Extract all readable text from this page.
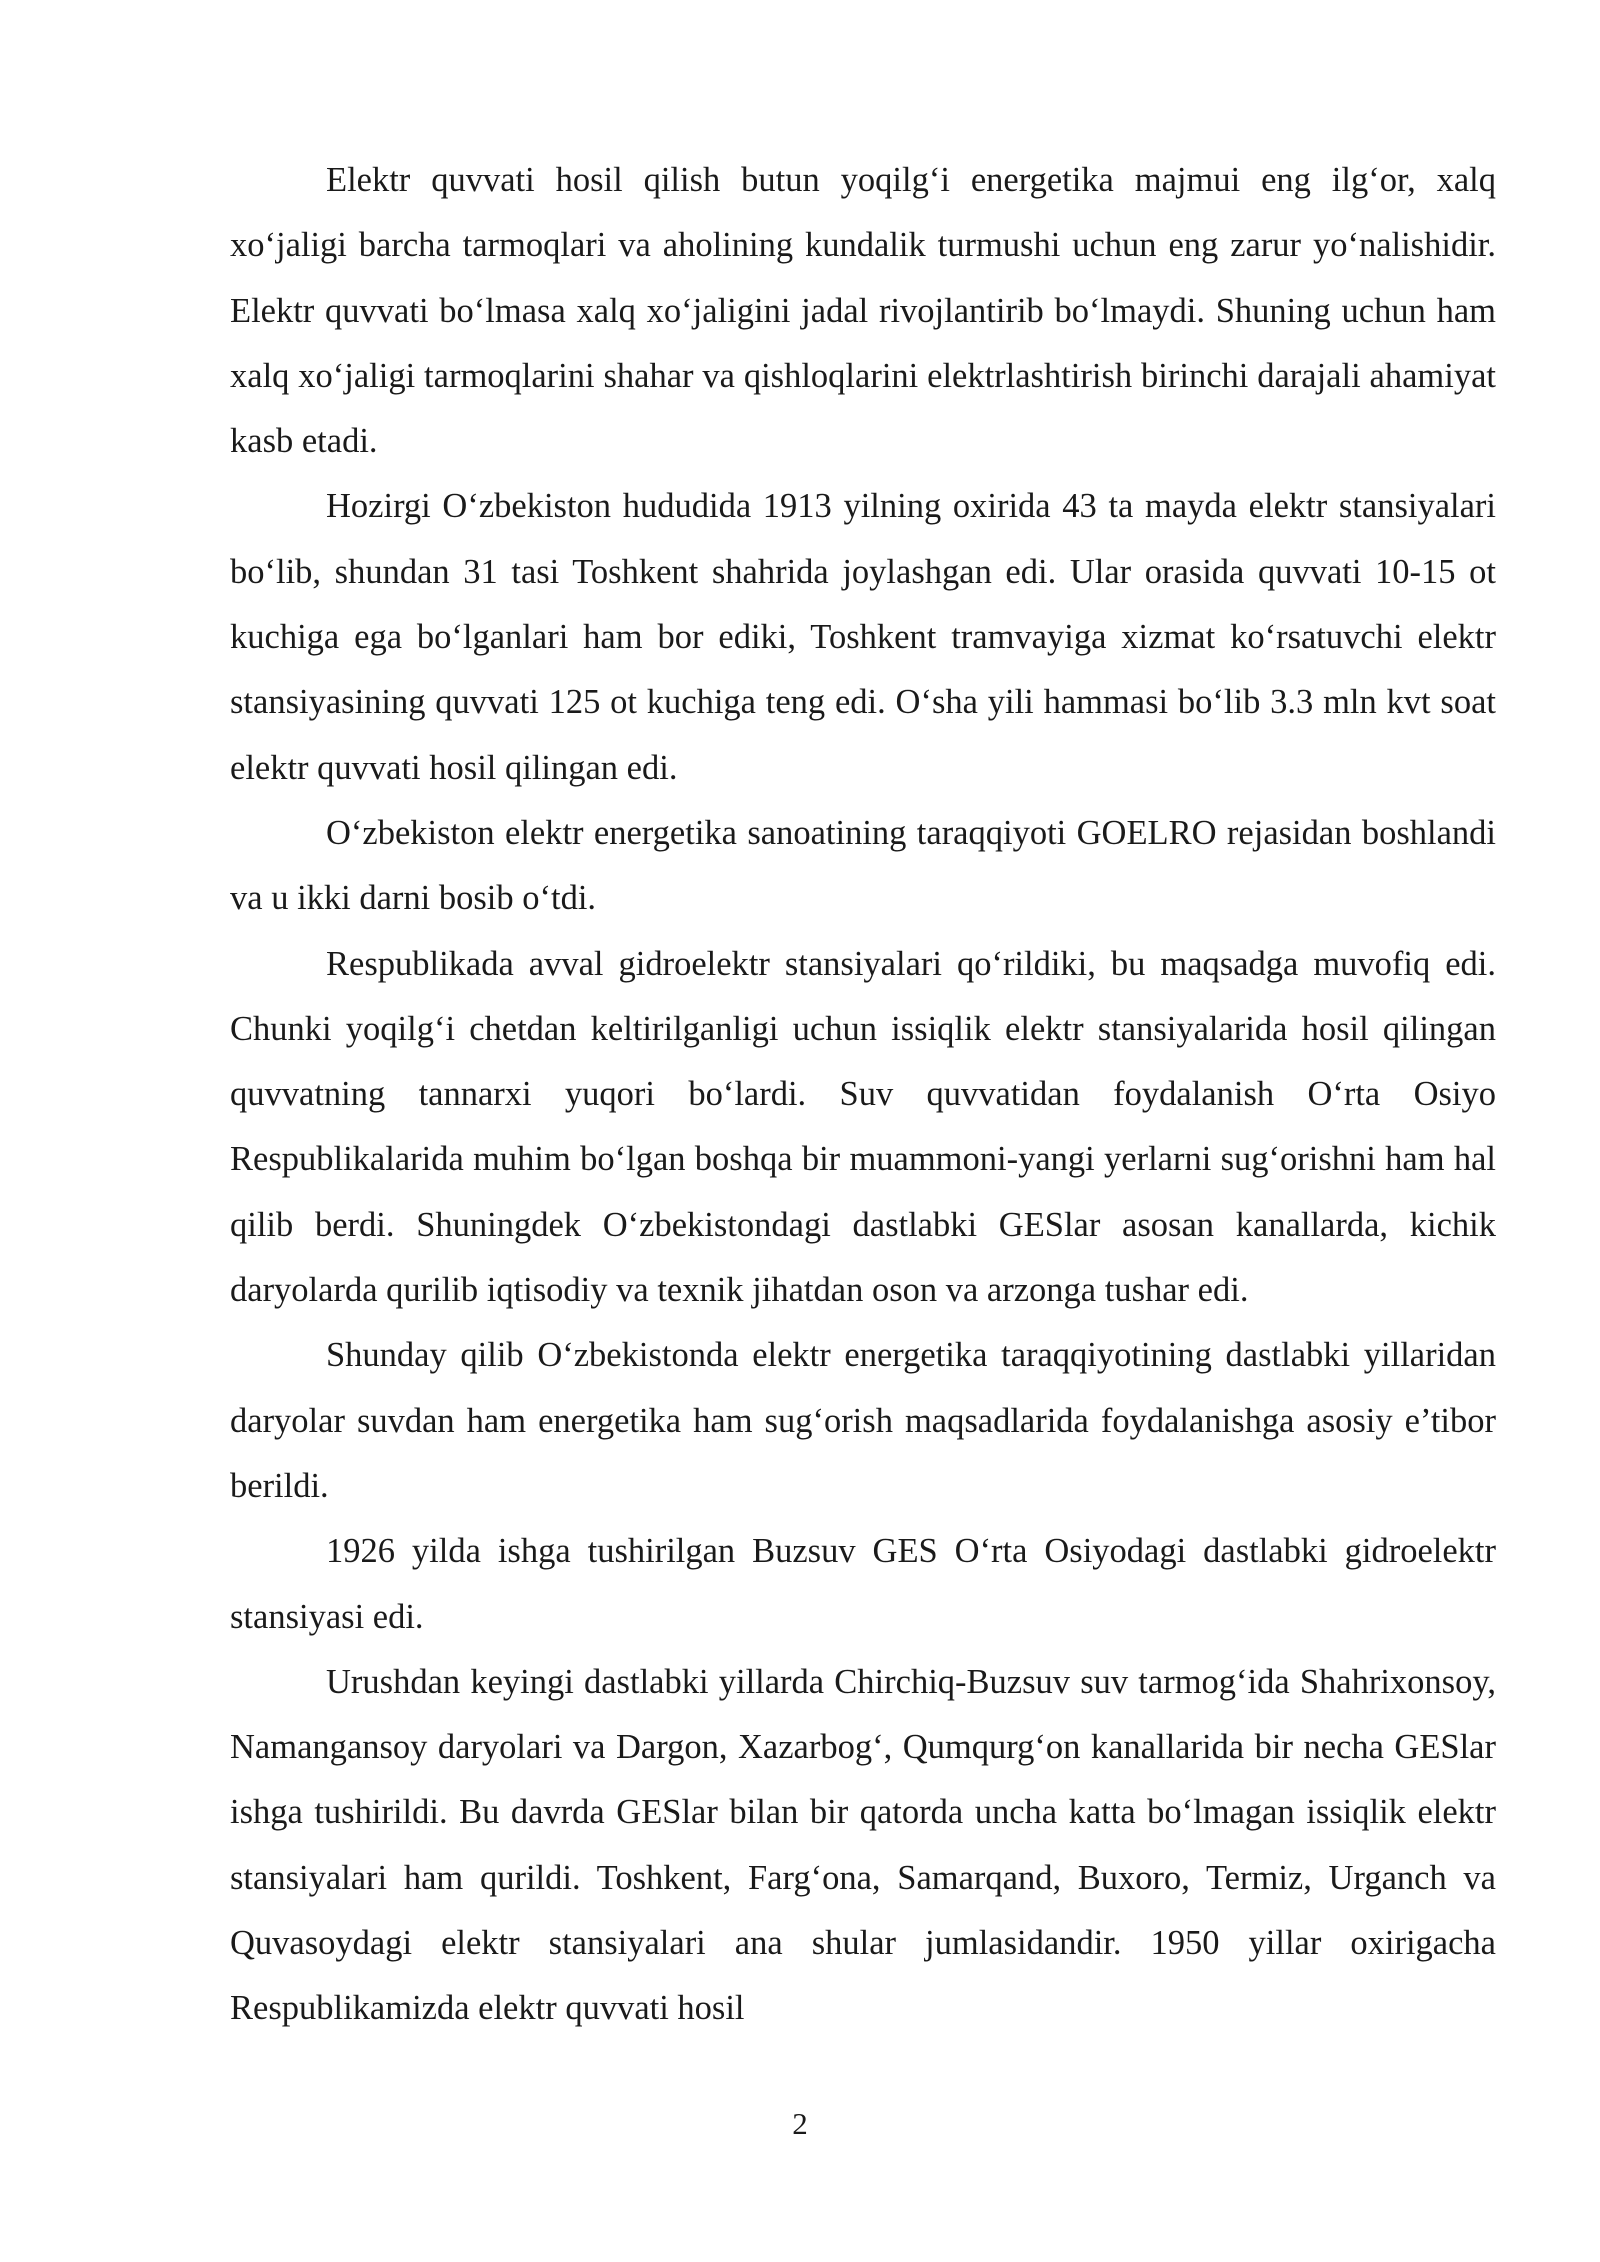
Elektr quvvati hosil qilish butun yoqilg‘i energetika majmui eng ilg‘or, xalq xo‘jaligi barcha tarmoqlari va aholining kundalik turmushi uchun eng zarur yo‘nalishidir. Elektr quvvati bo‘lmasa xalq xo‘jaligini jadal rivojlantirib bo‘lmaydi. Shuning uchun ham xalq xo‘jaligi tarmoqlarini shahar va qishloqlarini elektrlashtirish birinchi darajali ahamiyat kasb etadi.

Hozirgi O‘zbekiston hududida 1913 yilning oxirida 43 ta mayda elektr stansiyalari bo‘lib, shundan 31 tasi Toshkent shahrida joylashgan edi. Ular orasida quvvati 10-15 ot kuchiga ega bo‘lganlari ham bor ediki, Toshkent tramvayiga xizmat ko‘rsatuvchi elektr stansiyasining quvvati 125 ot kuchiga teng edi. O‘sha yili hammasi bo‘lib 3.3 mln kvt soat elektr quvvati hosil qilingan edi.

O‘zbekiston elektr energetika sanoatining taraqqiyoti GOELRO rejasidan boshlandi va u ikki darni bosib o‘tdi.

Respublikada avval gidroelektr stansiyalari qo‘rildiki, bu maqsadga muvofiq edi. Chunki yoqilg‘i chetdan keltirilganligi uchun issiqlik elektr stansiyalarida hosil qilingan quvvatning tannarxi yuqori bo‘lardi. Suv quvvatidan foydalanish O‘rta Osiyo Respublikalarida muhim bo‘lgan boshqa bir muammoni-yangi yerlarni sug‘orishni ham hal qilib berdi. Shuningdek O‘zbekistondagi dastlabki GESlar asosan kanallarda, kichik daryolarda qurilib iqtisodiy va texnik jihatdan oson va arzonga tushar edi.

Shunday qilib O‘zbekistonda elektr energetika taraqqiyotining dastlabki yillaridan daryolar suvdan ham energetika ham sug‘orish maqsadlarida foydalanishga asosiy e’tibor berildi.

1926 yilda ishga tushirilgan Buzsuv GES O‘rta Osiyodagi dastlabki gidroelektr stansiyasi edi.

Urushdan keyingi dastlabki yillarda Chirchiq-Buzsuv suv tarmog‘ida Shahrixonsoy, Namangansoy daryolari va Dargon, Xazarbog‘, Qumqurg‘on kanallarida bir necha GESlar ishga tushirildi. Bu davrda GESlar bilan bir qatorda uncha katta bo‘lmagan issiqlik elektr stansiyalari ham qurildi. Toshkent, Farg‘ona, Samarqand, Buxoro, Termiz, Urganch va Quvasoydagi elektr stansiyalari ana shular jumlasidandir. 1950 yillar oxirigacha Respublikamizda elektr quvvati hosil

2
